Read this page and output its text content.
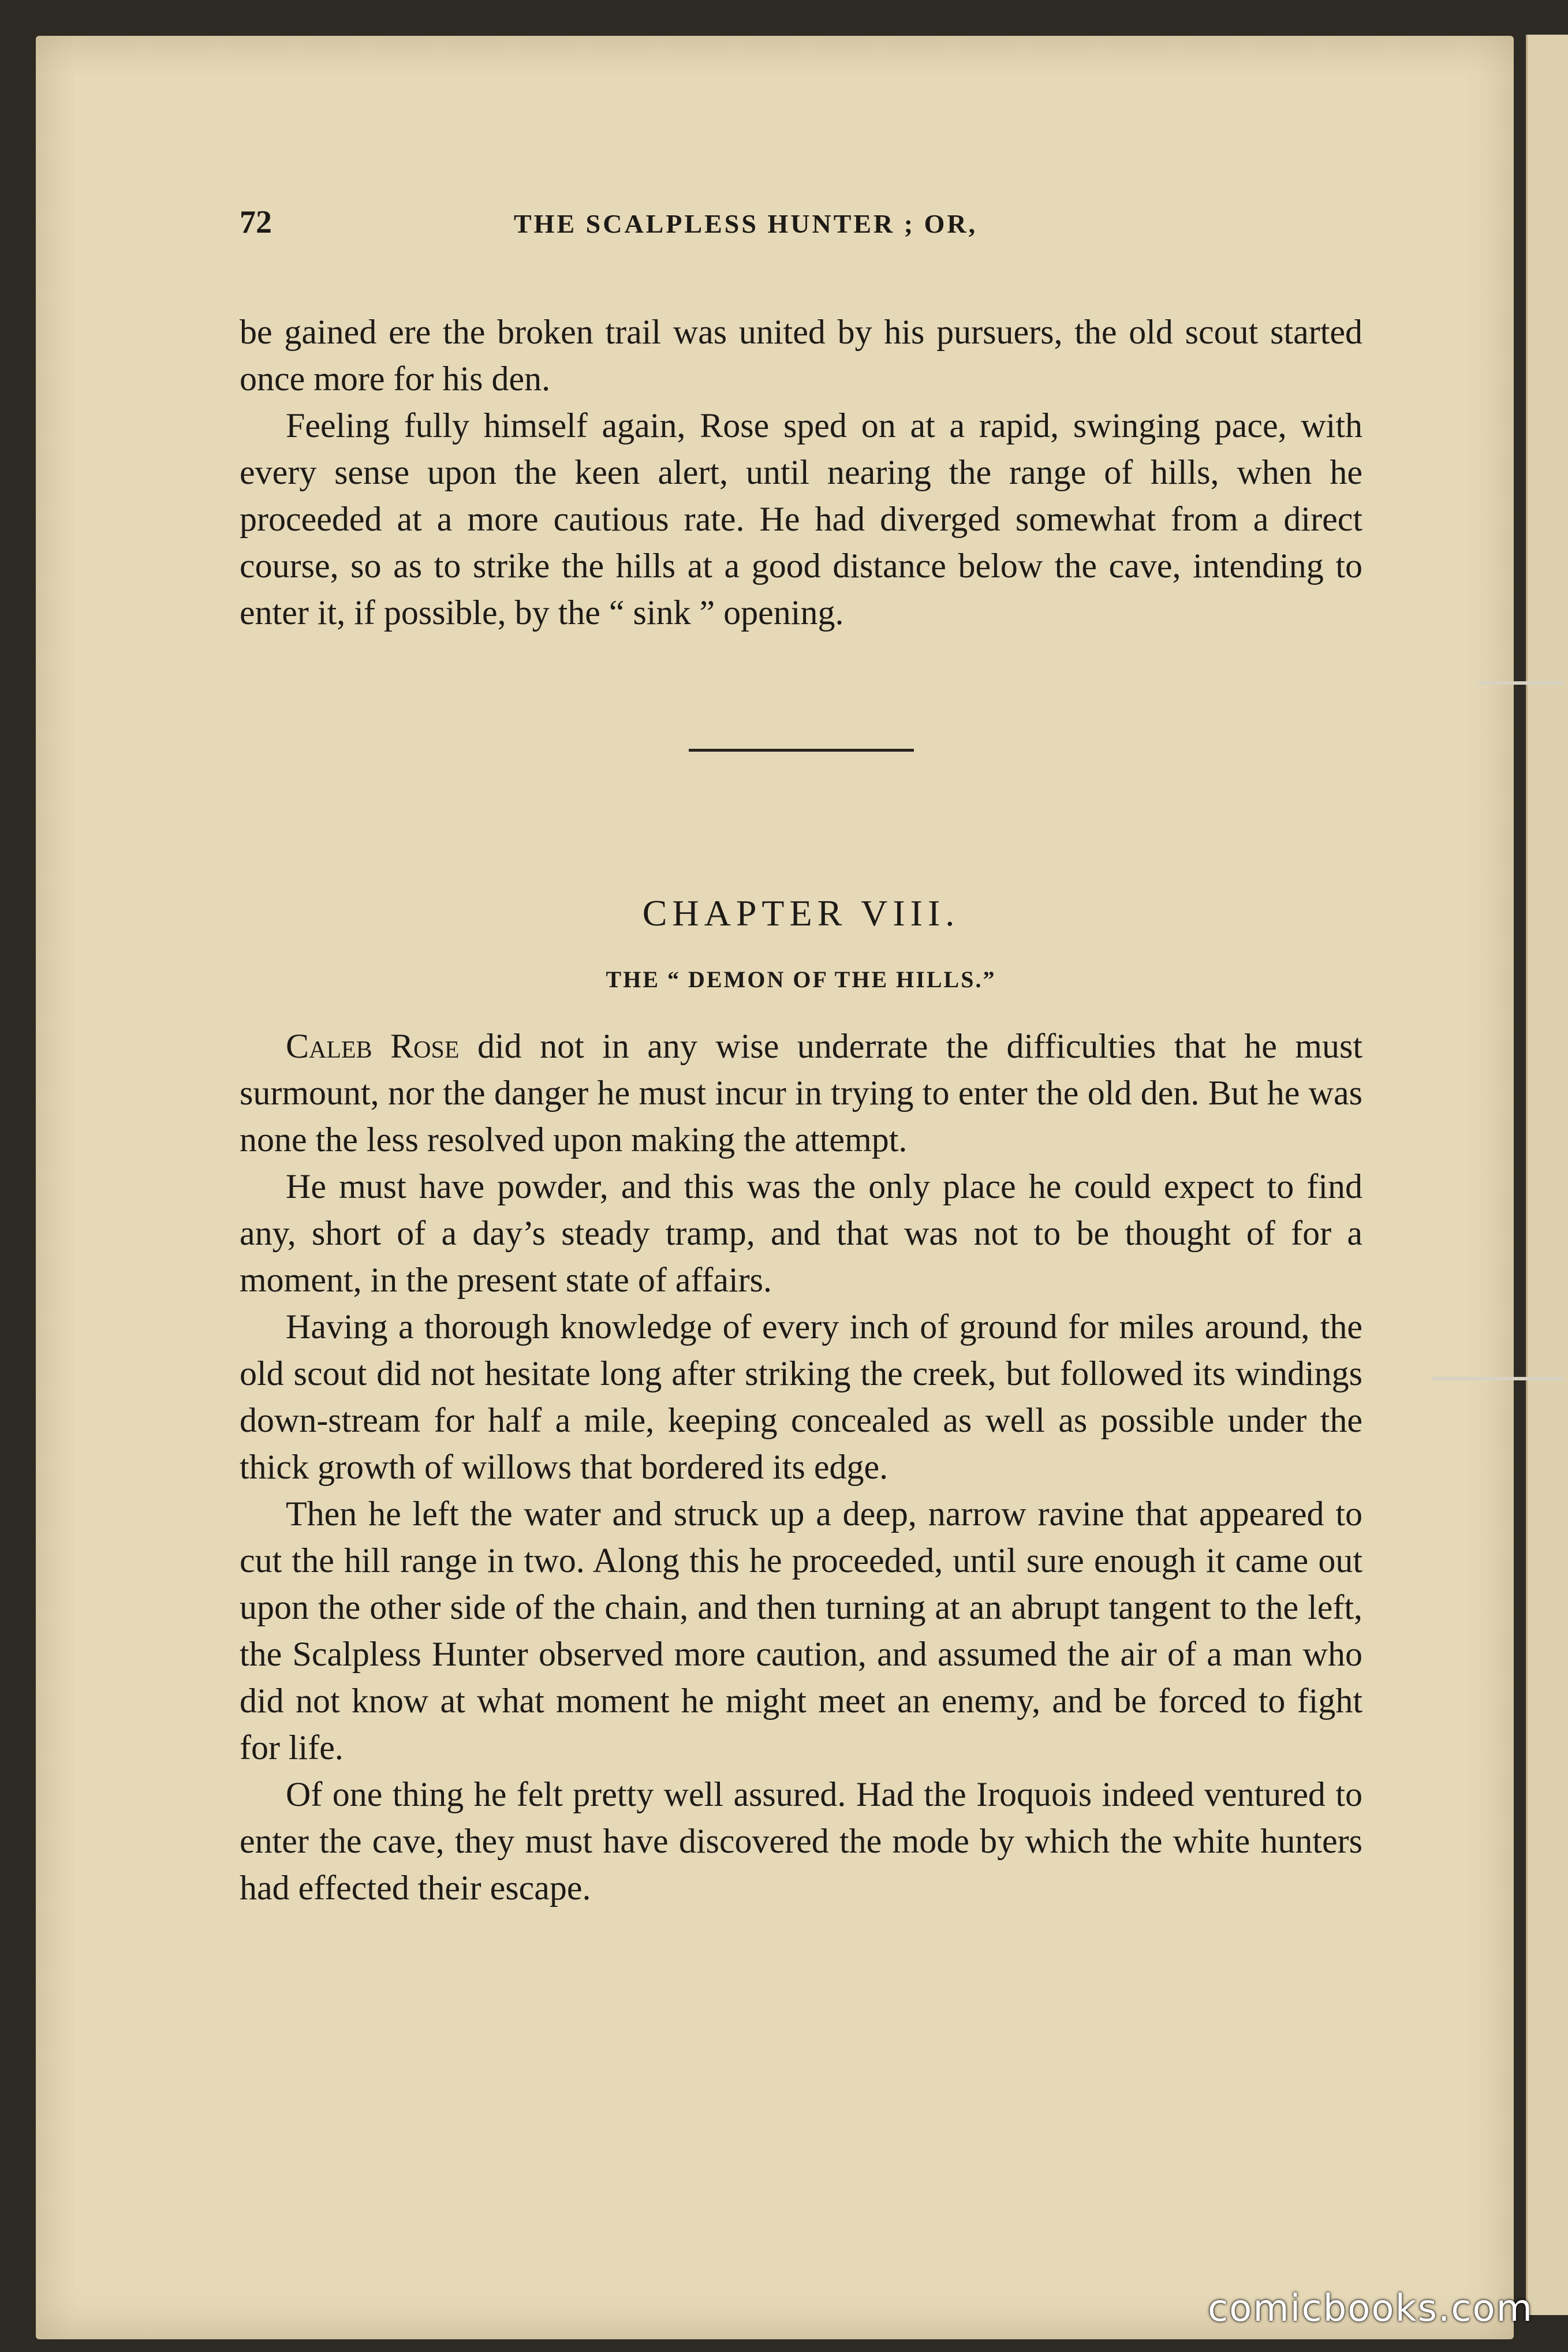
72	THE SCALPLESS HUNTER ; OR,

be gained ere the broken trail was united by his pursuers, the old scout started once more for his den.

Feeling fully himself again, Rose sped on at a rapid, swinging pace, with every sense upon the keen alert, until nearing the range of hills, when he proceeded at a more cautious rate. He had diverged somewhat from a direct course, so as to strike the hills at a good distance below the cave, intending to enter it, if possible, by the “ sink ” opening.

CHAPTER VIII.
THE “ DEMON OF THE HILLS.”

Caleb Rose did not in any wise underrate the difficulties that he must surmount, nor the danger he must incur in trying to enter the old den. But he was none the less resolved upon making the attempt.

He must have powder, and this was the only place he could expect to find any, short of a day’s steady tramp, and that was not to be thought of for a moment, in the present state of affairs.

Having a thorough knowledge of every inch of ground for miles around, the old scout did not hesitate long after striking the creek, but followed its windings down-stream for half a mile, keeping concealed as well as possible under the thick growth of willows that bordered its edge.

Then he left the water and struck up a deep, narrow ravine that appeared to cut the hill range in two. Along this he proceeded, until sure enough it came out upon the other side of the chain, and then turning at an abrupt tangent to the left, the Scalpless Hunter observed more caution, and assumed the air of a man who did not know at what moment he might meet an enemy, and be forced to fight for life.

Of one thing he felt pretty well assured. Had the Iroquois indeed ventured to enter the cave, they must have discovered the mode by which the white hunters had effected their escape.

comicbooks.com
